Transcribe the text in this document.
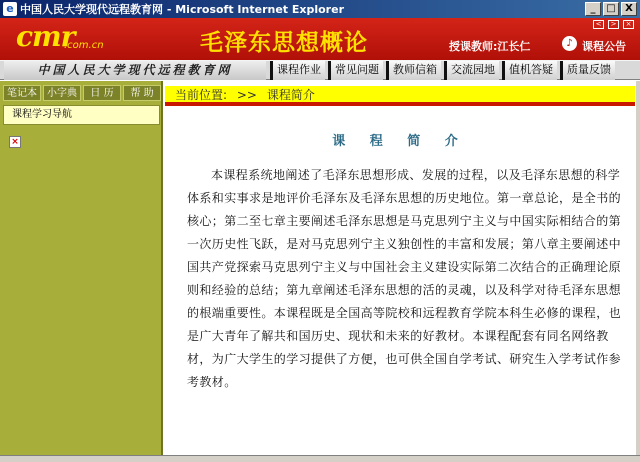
e 中国人民大学现代远程教育网 - Microsoft Internet Explorer	_	□ X
cmr
.com.cn	毛泽东思想概论	授课教师:江长仁	♪ 课程公告
<	>	×
中国人民大学现代远程教育网	课程作业	常见问题	教师信箱	交流园地	值机答疑	质量反馈
笔记本	小字典	日 历	帮 助
课程学习导航
×
当前位置: >> 课程简介
课 程 简 介

本课程系统地阐述了毛泽东思想形成、发展的过程，以及毛泽东思想的科学体系和实事求是地评价毛泽东及毛泽东思想的历史地位。第一章总论，是全书的核心；第二至七章主要阐述毛泽东思想是马克思列宁主义与中国实际相结合的第一次历史性飞跃，是对马克思列宁主义独创性的丰富和发展；第八章主要阐述中国共产党探索马克思列宁主义与中国社会主义建设实际第二次结合的正确理论原则和经验的总结；第九章阐述毛泽东思想的活的灵魂，以及科学对待毛泽东思想的根端重要性。本课程既是全国高等院校和远程教育学院本科生必修的课程，也是广大青年了解共和国历史、现状和未来的好教材。本课程配套有同名网络教材，为广大学生的学习提供了方便，也可供全国自学考试、研究生入学考试作参考教材。
